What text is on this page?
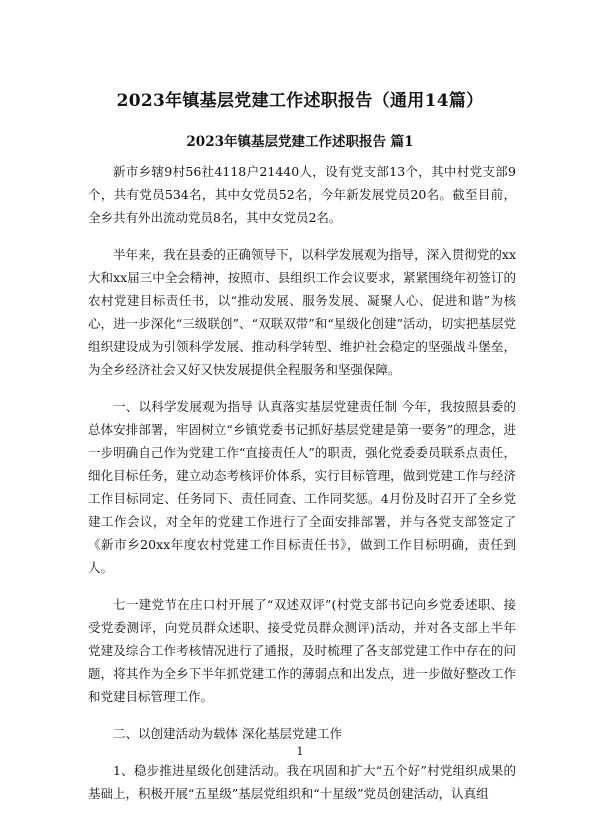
2023年镇基层党建工作述职报告（通用14篇）
2023年镇基层党建工作述职报告 篇1

新市乡辖9村56社4118户21440人，设有党支部13个，其中村党支部9个，共有党员534名，其中女党员52名，今年新发展党员20名。截至目前，全乡共有外出流动党员8名，其中女党员2名。

半年来，我在县委的正确领导下，以科学发展观为指导，深入贯彻党的xx大和xx届三中全会精神，按照市、县组织工作会议要求，紧紧围绕年初签订的农村党建目标责任书，以“推动发展、服务发展、凝聚人心、促进和谐”为核心，进一步深化“三级联创”、“双联双带”和“星级化创建”活动，切实把基层党组织建设成为引领科学发展、推动科学转型、维护社会稳定的坚强战斗堡垒，为全乡经济社会又好又快发展提供全程服务和坚强保障。

一、以科学发展观为指导 认真落实基层党建责任制 今年，我按照县委的总体安排部署，牢固树立“乡镇党委书记抓好基层党建是第一要务”的理念，进一步明确自己作为党建工作“直接责任人”的职责，强化党委委员联系点责任，细化目标任务，建立动态考核评价体系，实行目标管理，做到党建工作与经济工作目标同定、任务同下、责任同查、工作同奖惩。4月份及时召开了全乡党建工作会议，对全年的党建工作进行了全面安排部署，并与各党支部签定了《新市乡20xx年度农村党建工作目标责任书》，做到工作目标明确，责任到人。

七一建党节在庄口村开展了“双述双评”(村党支部书记向乡党委述职、接受党委测评，向党员群众述职、接受党员群众测评)活动，并对各支部上半年党建及综合工作考核情况进行了通报，及时梳理了各支部党建工作中存在的问题，将其作为全乡下半年抓党建工作的薄弱点和出发点，进一步做好整改工作和党建目标管理工作。

二、以创建活动为载体 深化基层党建工作

1、稳步推进星级化创建活动。我在巩固和扩大“五个好”村党组织成果的基础上，积极开展“五星级”基层党组织和“十星级”党员创建活动，认真组

1
